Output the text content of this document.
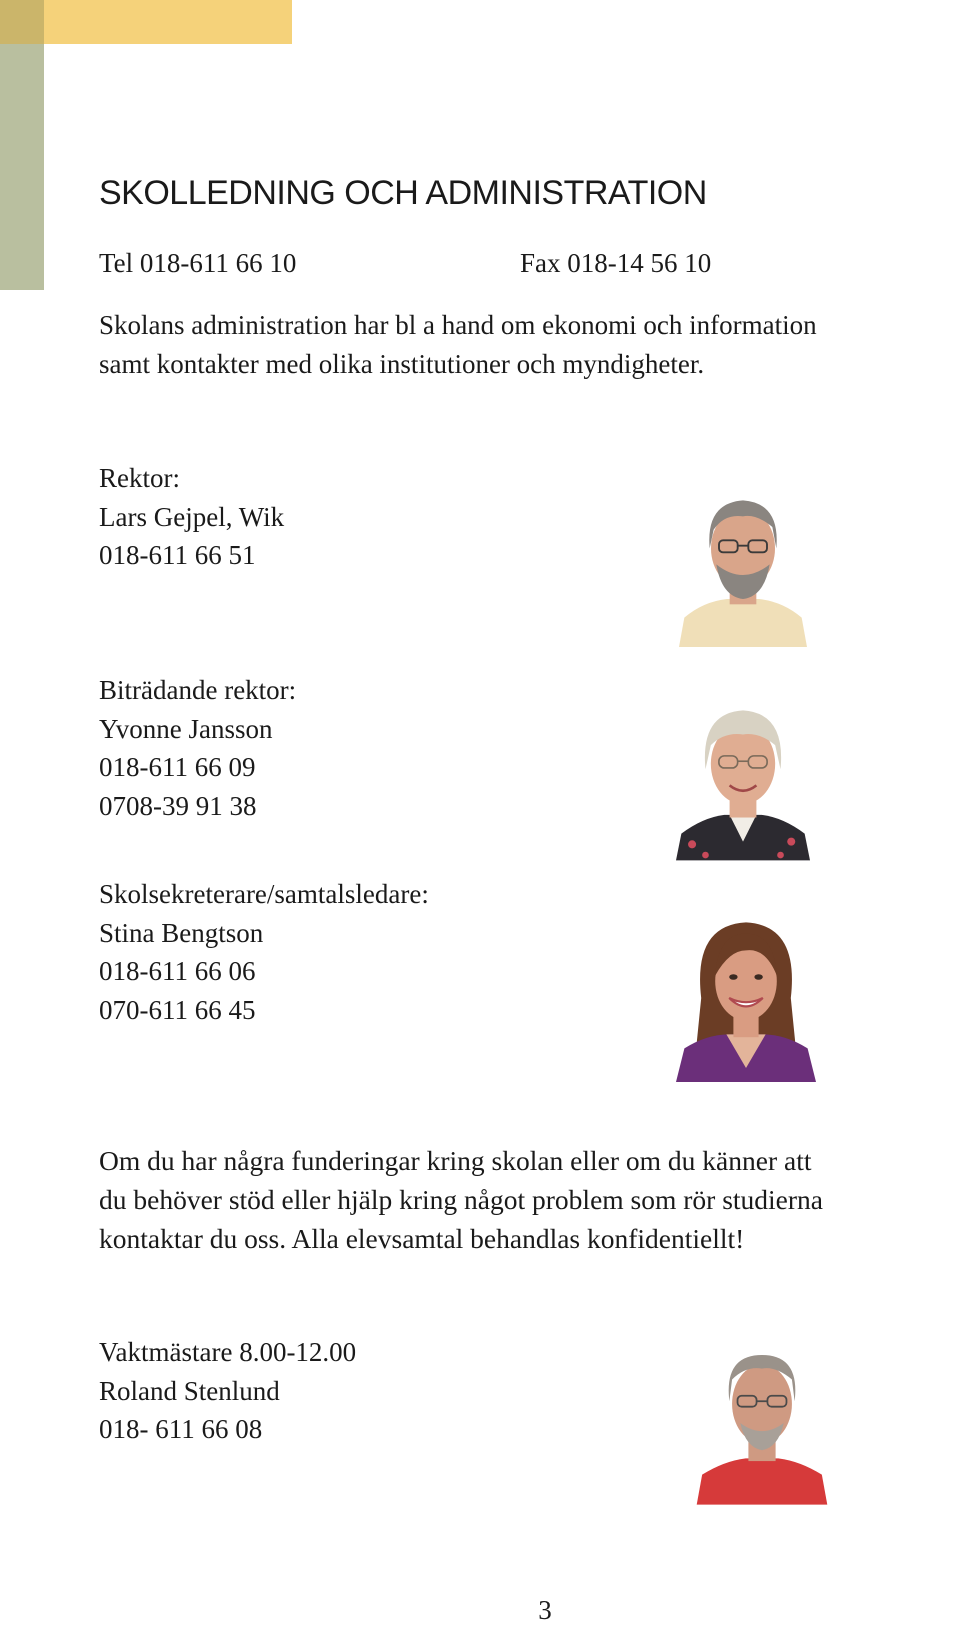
SKOLLEDNING OCH ADMINISTRATION
Tel 018-611 66 10	Fax 018-14 56 10
Skolans administration har bl a hand om ekonomi och information
samt kontakter med olika institutioner och myndigheter.
Rektor:
Lars Gejpel, Wik
018-611 66 51
Biträdande rektor:
Yvonne Jansson
018-611 66 09
0708-39 91 38
Skolsekreterare/samtalsledare:
Stina Bengtson
018-611 66 06
070-611 66 45
Om du har några funderingar kring skolan eller om du känner att
du behöver stöd eller hjälp kring något problem som rör studierna
kontaktar du oss. Alla elevsamtal behandlas konfidentiellt!
Vaktmästare 8.00-12.00
Roland Stenlund
018- 611 66 08
3
